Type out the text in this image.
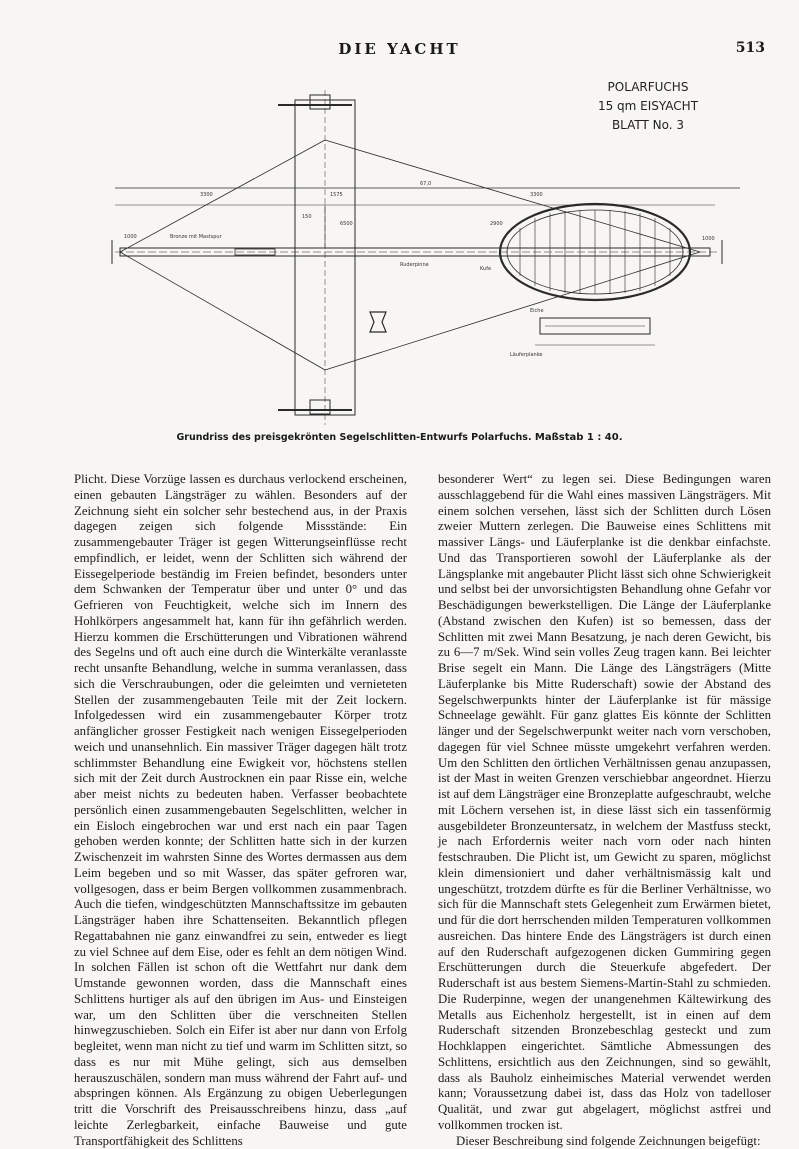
DIE YACHT	513
POLARFUCHS
15 qm EISYACHT
BLATT No. 3
67,0
3300	1575	3300
150
6500	2900
1000	1000
Bronze mit Mastspur
Ruderpinne
Kufe
Eiche
Läuferplanke
Grundriss des preisgekrönten Segelschlitten-Entwurfs Polarfuchs. Maßstab 1 : 40.

Plicht. Diese Vorzüge lassen es durchaus verlockend erscheinen, einen gebauten Längsträger zu wählen. Besonders auf der Zeichnung sieht ein solcher sehr bestechend aus, in der Praxis dagegen zeigen sich folgende Missstände: Ein zusammengebauter Träger ist gegen Witterungseinflüsse recht empfindlich, er leidet, wenn der Schlitten sich während der Eissegelperiode beständig im Freien befindet, besonders unter dem Schwanken der Temperatur über und unter 0° und das Gefrieren von Feuchtigkeit, welche sich im Innern des Hohlkörpers angesammelt hat, kann für ihn gefährlich werden. Hierzu kommen die Erschütterungen und Vibrationen während des Segelns und oft auch eine durch die Winterkälte veranlasste recht unsanfte Behandlung, welche in summa veranlassen, dass sich die Verschraubungen, oder die geleimten und vernieteten Stellen der zusammengebauten Teile mit der Zeit lockern. Infolgedessen wird ein zusammengebauter Körper trotz anfänglicher grosser Festigkeit nach wenigen Eissegelperioden weich und unansehnlich. Ein massiver Träger dagegen hält trotz schlimmster Behandlung eine Ewigkeit vor, höchstens stellen sich mit der Zeit durch Austrocknen ein paar Risse ein, welche aber meist nichts zu bedeuten haben. Verfasser beobachtete persönlich einen zusammengebauten Segelschlitten, welcher in ein Eisloch eingebrochen war und erst nach ein paar Tagen gehoben werden konnte; der Schlitten hatte sich in der kurzen Zwischenzeit im wahrsten Sinne des Wortes dermassen aus dem Leim begeben und so mit Wasser, das später gefroren war, vollgesogen, dass er beim Bergen vollkommen zusammenbrach. Auch die tiefen, windgeschützten Mannschaftssitze im gebauten Längsträger haben ihre Schattenseiten. Bekanntlich pflegen Regattabahnen nie ganz einwandfrei zu sein, entweder es liegt zu viel Schnee auf dem Eise, oder es fehlt an dem nötigen Wind. In solchen Fällen ist schon oft die Wettfahrt nur dank dem Umstande gewonnen worden, dass die Mannschaft eines Schlittens hurtiger als auf den übrigen im Aus- und Einsteigen war, um den Schlitten über die verschneiten Stellen hinwegzuschieben. Solch ein Eifer ist aber nur dann von Erfolg begleitet, wenn man nicht zu tief und warm im Schlitten sitzt, so dass es nur mit Mühe gelingt, sich aus demselben herauszuschälen, sondern man muss während der Fahrt auf- und abspringen können. Als Ergänzung zu obigen Ueberlegungen tritt die Vorschrift des Preisausschreibens hinzu, dass „auf leichte Zerlegbarkeit, einfache Bauweise und gute Transportfähigkeit des Schlittens

besonderer Wert“ zu legen sei. Diese Bedingungen waren ausschlaggebend für die Wahl eines massiven Längsträgers. Mit einem solchen versehen, lässt sich der Schlitten durch Lösen zweier Muttern zerlegen. Die Bauweise eines Schlittens mit massiver Längs- und Läuferplanke ist die denkbar einfachste. Und das Transportieren sowohl der Läuferplanke als der Längsplanke mit angebauter Plicht lässt sich ohne Schwierigkeit und selbst bei der unvorsichtigsten Behandlung ohne Gefahr vor Beschädigungen bewerkstelligen. Die Länge der Läuferplanke (Abstand zwischen den Kufen) ist so bemessen, dass der Schlitten mit zwei Mann Besatzung, je nach deren Gewicht, bis zu 6—7 m/Sek. Wind sein volles Zeug tragen kann. Bei leichter Brise segelt ein Mann. Die Länge des Längsträgers (Mitte Läuferplanke bis Mitte Ruderschaft) sowie der Abstand des Segelschwerpunkts hinter der Läuferplanke ist für mässige Schneelage gewählt. Für ganz glattes Eis könnte der Schlitten länger und der Segelschwerpunkt weiter nach vorn verschoben, dagegen für viel Schnee müsste umgekehrt verfahren werden. Um den Schlitten den örtlichen Verhältnissen genau anzupassen, ist der Mast in weiten Grenzen verschiebbar angeordnet. Hierzu ist auf dem Längsträger eine Bronzeplatte aufgeschraubt, welche mit Löchern versehen ist, in diese lässt sich ein tassenförmig ausgebildeter Bronzeuntersatz, in welchem der Mastfuss steckt, je nach Erfordernis weiter nach vorn oder nach hinten festschrauben. Die Plicht ist, um Gewicht zu sparen, möglichst klein dimensioniert und daher verhältnismässig kalt und ungeschützt, trotzdem dürfte es für die Berliner Verhältnisse, wo sich für die Mannschaft stets Gelegenheit zum Erwärmen bietet, und für die dort herrschenden milden Temperaturen vollkommen ausreichen. Das hintere Ende des Längsträgers ist durch einen auf den Ruderschaft aufgezogenen dicken Gummiring gegen Erschütterungen durch die Steuerkufe abgefedert. Der Ruderschaft ist aus bestem Siemens-Martin-Stahl zu schmieden. Die Ruderpinne, wegen der unangenehmen Kältewirkung des Metalls aus Eichenholz hergestellt, ist in einen auf dem Ruderschaft sitzenden Bronzebeschlag gesteckt und zum Hochklappen eingerichtet. Sämtliche Abmessungen des Schlittens, ersichtlich aus den Zeichnungen, sind so gewählt, dass als Bauholz einheimisches Material verwendet werden kann; Voraussetzung dabei ist, dass das Holz von tadelloser Qualität, und zwar gut abgelagert, möglichst astfrei und vollkommen trocken ist.

Dieser Beschreibung sind folgende Zeichnungen beigefügt:
